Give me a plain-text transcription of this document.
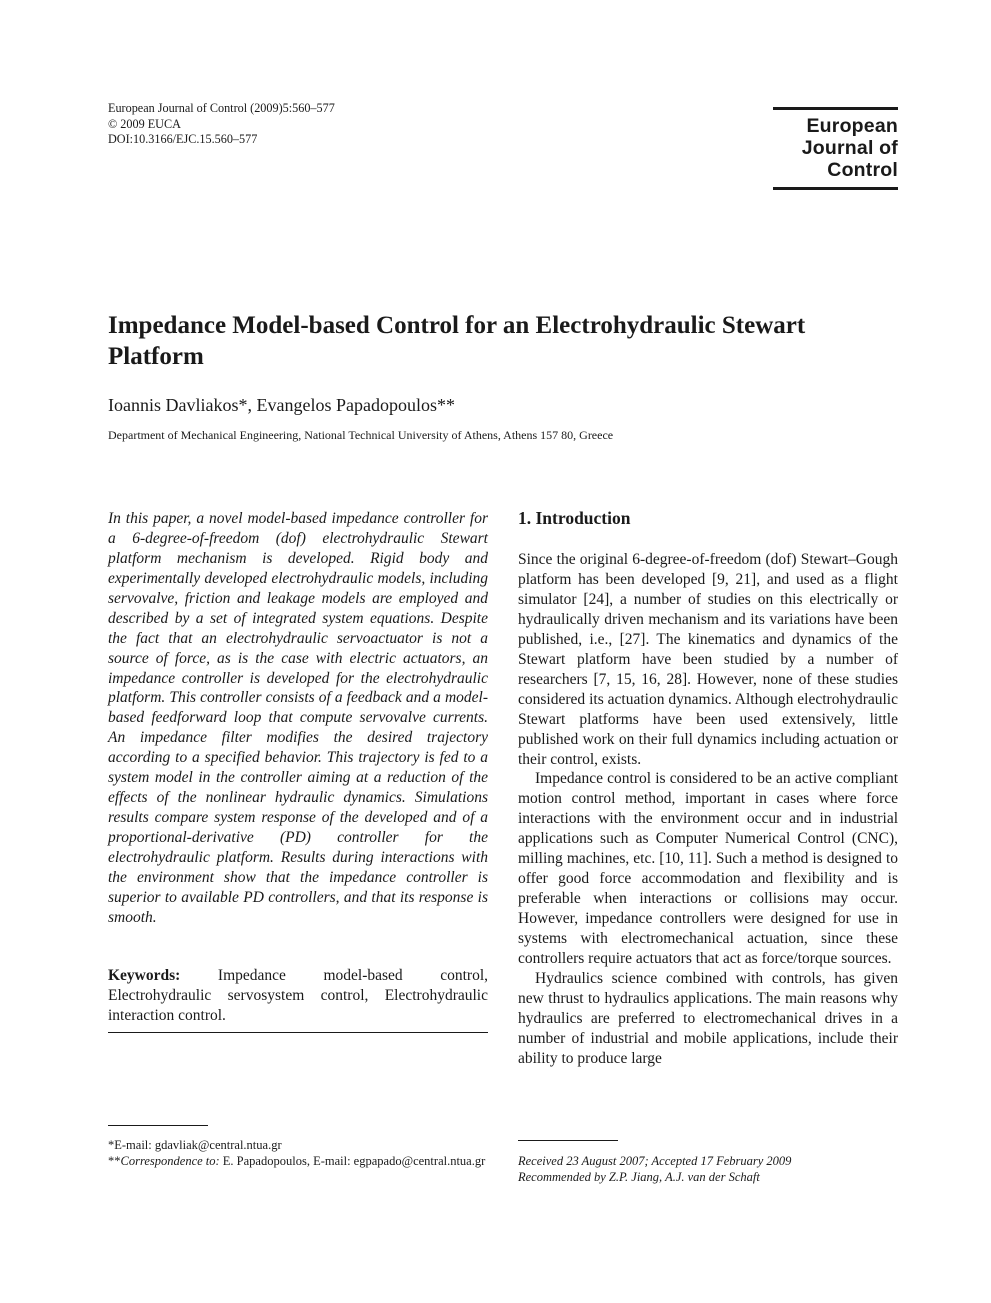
European Journal of Control (2009)5:560–577
© 2009 EUCA
DOI:10.3166/EJC.15.560–577
European
Journal of
Control
Impedance Model-based Control for an Electrohydraulic Stewart Platform
Ioannis Davliakos*, Evangelos Papadopoulos**
Department of Mechanical Engineering, National Technical University of Athens, Athens 157 80, Greece
In this paper, a novel model-based impedance controller for a 6-degree-of-freedom (dof) electrohydraulic Stewart platform mechanism is developed. Rigid body and experimentally developed electrohydraulic models, including servovalve, friction and leakage models are employed and described by a set of integrated system equations. Despite the fact that an electrohydraulic servoactuator is not a source of force, as is the case with electric actuators, an impedance controller is developed for the electrohydraulic platform. This controller consists of a feedback and a model-based feedforward loop that compute servovalve currents. An impedance filter modifies the desired trajectory according to a specified behavior. This trajectory is fed to a system model in the controller aiming at a reduction of the effects of the nonlinear hydraulic dynamics. Simulations results compare system response of the developed and of a proportional-derivative (PD) controller for the electrohydraulic platform. Results during interactions with the environment show that the impedance controller is superior to available PD controllers, and that its response is smooth.
Keywords: Impedance model-based control, Electrohydraulic servosystem control, Electrohydraulic interaction control.
*E-mail: gdavliak@central.ntua.gr
**Correspondence to: E. Papadopoulos, E-mail: egpapado@central.ntua.gr
1. Introduction

Since the original 6-degree-of-freedom (dof) Stewart–Gough platform has been developed [9, 21], and used as a flight simulator [24], a number of studies on this electrically or hydraulically driven mechanism and its variations have been published, i.e., [27]. The kinematics and dynamics of the Stewart platform have been studied by a number of researchers [7, 15, 16, 28]. However, none of these studies considered its actuation dynamics. Although electrohydraulic Stewart platforms have been used extensively, little published work on their full dynamics including actuation or their control, exists.

Impedance control is considered to be an active compliant motion control method, important in cases where force interactions with the environment occur and in industrial applications such as Computer Numerical Control (CNC), milling machines, etc. [10, 11]. Such a method is designed to offer good force accommodation and flexibility and is preferable when interactions or collisions may occur. However, impedance controllers were designed for use in systems with electromechanical actuation, since these controllers require actuators that act as force/torque sources.

Hydraulics science combined with controls, has given new thrust to hydraulics applications. The main reasons why hydraulics are preferred to electromechanical drives in a number of industrial and mobile applications, include their ability to produce large

Received 23 August 2007; Accepted 17 February 2009
Recommended by Z.P. Jiang, A.J. van der Schaft
